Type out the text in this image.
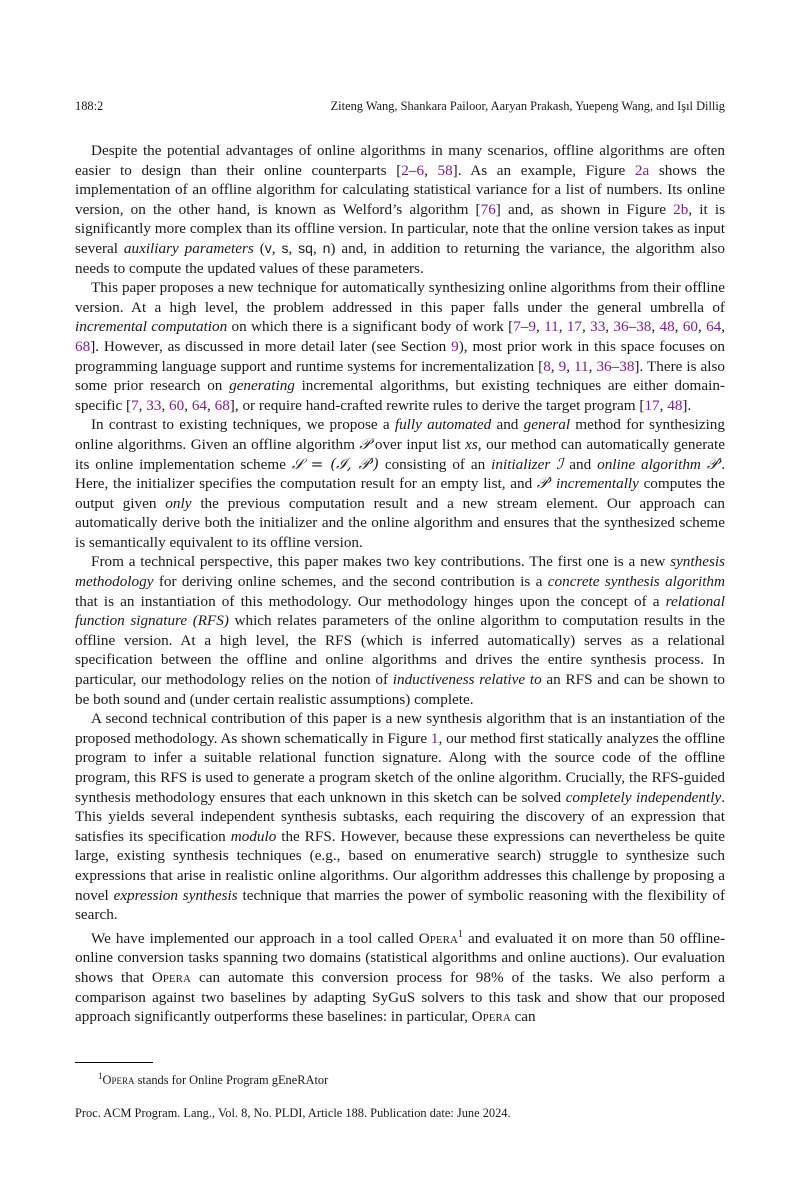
188:2	Ziteng Wang, Shankara Pailoor, Aaryan Prakash, Yuepeng Wang, and Işıl Dillig

Despite the potential advantages of online algorithms in many scenarios, offline algorithms are often easier to design than their online counterparts [2–6, 58]. As an example, Figure 2a shows the implementation of an offline algorithm for calculating statistical variance for a list of numbers. Its online version, on the other hand, is known as Welford’s algorithm [76] and, as shown in Figure 2b, it is significantly more complex than its offline version. In particular, note that the online version takes as input several auxiliary parameters (v, s, sq, n) and, in addition to returning the variance, the algorithm also needs to compute the updated values of these parameters.

This paper proposes a new technique for automatically synthesizing online algorithms from their offline version. At a high level, the problem addressed in this paper falls under the general umbrella of incremental computation on which there is a significant body of work [7–9, 11, 17, 33, 36–38, 48, 60, 64, 68]. However, as discussed in more detail later (see Section 9), most prior work in this space focuses on programming language support and runtime systems for incrementalization [8, 9, 11, 36–38]. There is also some prior research on generating incremental algorithms, but existing techniques are either domain-specific [7, 33, 60, 64, 68], or require hand-crafted rewrite rules to derive the target program [17, 48].

In contrast to existing techniques, we propose a fully automated and general method for synthesizing online algorithms. Given an offline algorithm 𝒫 over input list xs, our method can automatically generate its online implementation scheme 𝒮 = (ℐ, 𝒫′) consisting of an initializer ℐ and online algorithm 𝒫′. Here, the initializer specifies the computation result for an empty list, and 𝒫′ incrementally computes the output given only the previous computation result and a new stream element. Our approach can automatically derive both the initializer and the online algorithm and ensures that the synthesized scheme is semantically equivalent to its offline version.

From a technical perspective, this paper makes two key contributions. The first one is a new synthesis methodology for deriving online schemes, and the second contribution is a concrete synthesis algorithm that is an instantiation of this methodology. Our methodology hinges upon the concept of a relational function signature (RFS) which relates parameters of the online algorithm to computation results in the offline version. At a high level, the RFS (which is inferred automatically) serves as a relational specification between the offline and online algorithms and drives the entire synthesis process. In particular, our methodology relies on the notion of inductiveness relative to an RFS and can be shown to be both sound and (under certain realistic assumptions) complete.

A second technical contribution of this paper is a new synthesis algorithm that is an instantiation of the proposed methodology. As shown schematically in Figure 1, our method first statically analyzes the offline program to infer a suitable relational function signature. Along with the source code of the offline program, this RFS is used to generate a program sketch of the online algorithm. Crucially, the RFS-guided synthesis methodology ensures that each unknown in this sketch can be solved completely independently. This yields several independent synthesis subtasks, each requiring the discovery of an expression that satisfies its specification modulo the RFS. However, because these expressions can nevertheless be quite large, existing synthesis techniques (e.g., based on enumerative search) struggle to synthesize such expressions that arise in realistic online algorithms. Our algorithm addresses this challenge by proposing a novel expression synthesis technique that marries the power of symbolic reasoning with the flexibility of search.

We have implemented our approach in a tool called Opera$^1$ and evaluated it on more than 50 offline-online conversion tasks spanning two domains (statistical algorithms and online auctions). Our evaluation shows that Opera can automate this conversion process for 98% of the tasks. We also perform a comparison against two baselines by adapting SyGuS solvers to this task and show that our proposed approach significantly outperforms these baselines: in particular, Opera can

$^1$Opera stands for Online Program gEneRAtor
Proc. ACM Program. Lang., Vol. 8, No. PLDI, Article 188. Publication date: June 2024.
